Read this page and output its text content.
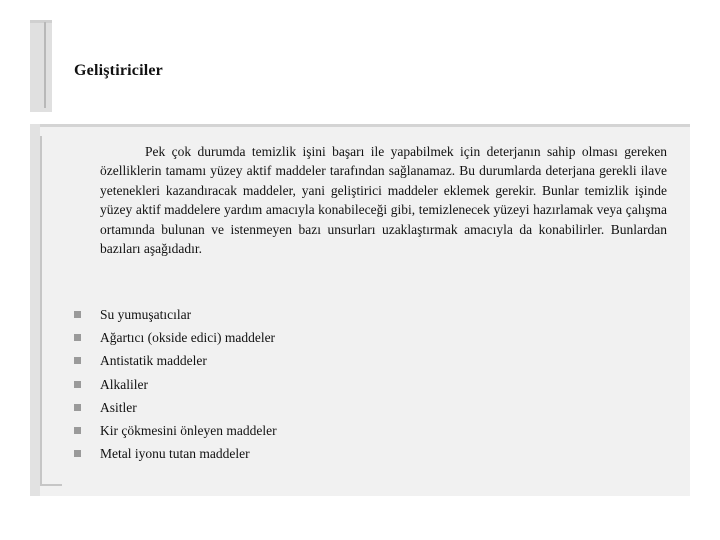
Geliştiriciler
Pek çok durumda temizlik işini başarı ile yapabilmek için deterjanın sahip olması gereken özelliklerin tamamı yüzey aktif maddeler tarafından sağlanamaz. Bu durumlarda deterjana gerekli ilave yetenekleri kazandıracak maddeler, yani geliştirici maddeler eklemek gerekir. Bunlar temizlik işinde yüzey aktif maddelere yardım amacıyla konabileceği gibi, temizlenecek yüzeyi hazırlamak veya çalışma ortamında bulunan ve istenmeyen bazı unsurları uzaklaştırmak amacıyla da konabilirler. Bunlardan bazıları aşağıdadır.
Su yumuşatıcılar
Ağartıcı (okside edici) maddeler
Antistatik maddeler
Alkaliler
Asitler
Kir çökmesini önleyen maddeler
Metal iyonu tutan maddeler
